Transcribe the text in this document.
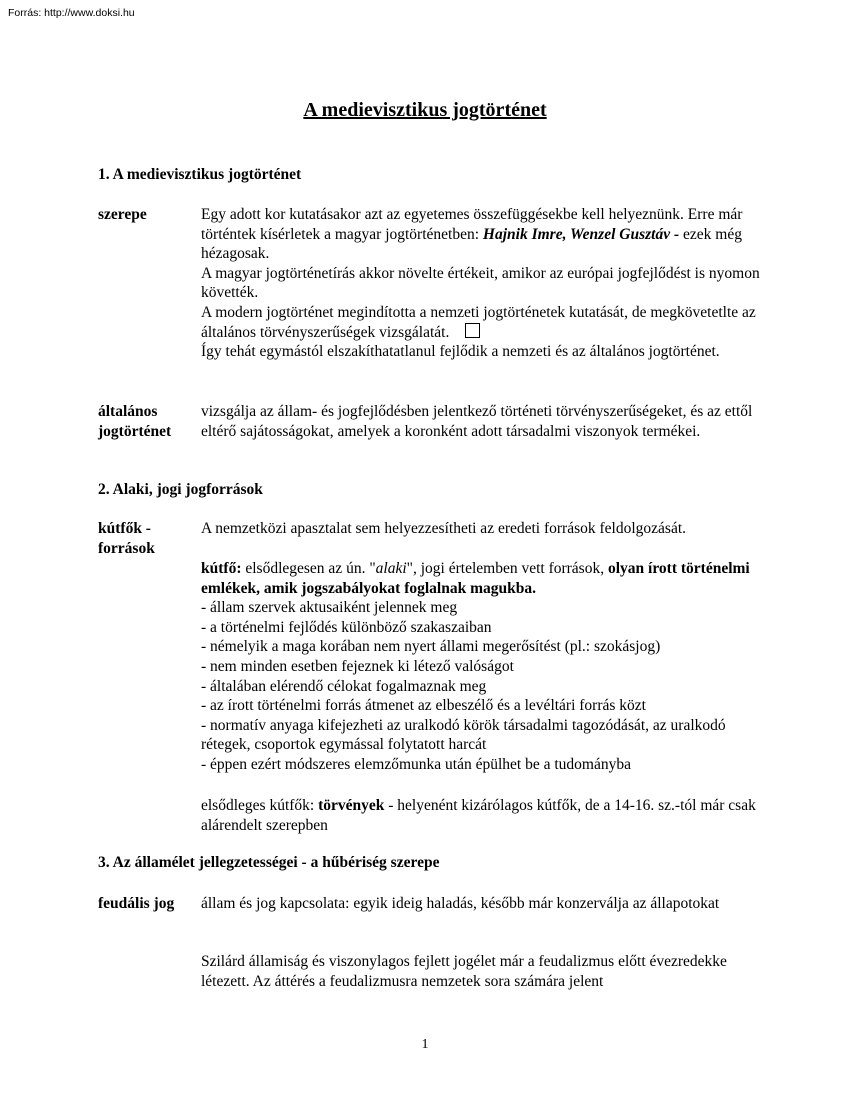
Forrás: http://www.doksi.hu
A medievisztikus jogtörténet
1. A medievisztikus jogtörténet
szerepe	Egy adott kor kutatásakor azt az egyetemes összefüggésekbe kell helyeznünk. Erre már történtek kísérletek a magyar jogtörténetben: Hajnik Imre, Wenzel Gusztáv - ezek még hézagosak.

A magyar jogtörténetírás akkor növelte értékeit, amikor az európai jogfejlődést is nyomon követték.

A modern jogtörténet megindította a nemzeti jogtörténetek kutatását, de megkövetetlte az általános törvényszerűségek vizsgálatát.

Így tehát egymástól elszakíthatatlanul fejlődik a nemzeti és az általános jogtörténet.

általános jogtörténet
vizsgálja az állam- és jogfejlődésben jelentkező történeti törvényszerűségeket, és az ettől eltérő sajátosságokat, amelyek a koronként adott társadalmi viszonyok termékei.
2. Alaki, jogi jogforrások
kútfők - források
A nemzetközi apasztalat sem helyezzesítheti az eredeti források feldolgozását.

kútfő: elsődlegesen az ún. "alaki", jogi értelemben vett források, olyan írott történelmi emlékek, amik jogszabályokat foglalnak magukba.

- állam szervek aktusaiként jelennek meg

- a történelmi fejlődés különböző szakaszaiban

- némelyik a maga korában nem nyert állami megerősítést (pl.: szokásjog)

- nem minden esetben fejeznek ki létező valóságot

- általában elérendő célokat fogalmaznak meg

- az írott történelmi forrás átmenet az elbeszélő és a levéltári forrás közt

- normatív anyaga kifejezheti az uralkodó körök társadalmi tagozódását, az uralkodó rétegek, csoportok egymással folytatott harcát

- éppen ezért módszeres elemzőmunka után épülhet be a tudományba

elsődleges kútfők: törvények - helyenént kizárólagos kútfők, de a 14-16. sz.-tól már csak alárendelt szerepben

3. Az államélet jellegzetességei - a hűbériség szerepe
feudális jog	állam és jog kapcsolata: egyik ideig haladás, később már konzerválja az állapotokat
Szilárd államiság és viszonylagos fejlett jogélet már a feudalizmus előtt évezredekke létezett. Az áttérés a feudalizmusra nemzetek sora számára jelent
1
